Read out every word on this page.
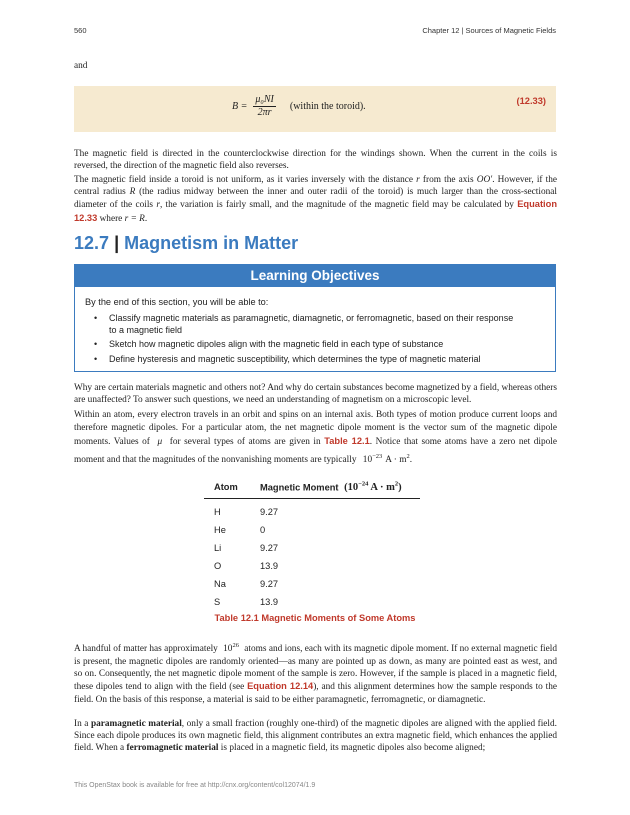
560	Chapter 12 | Sources of Magnetic Fields
and
$B = \frac{\text{μ₀NI}}{2\pi r}$ (within the toroid).	(12.33)
The magnetic field is directed in the counterclockwise direction for the windings shown. When the current in the coils is reversed, the direction of the magnetic field also reverses.
The magnetic field inside a toroid is not uniform, as it varies inversely with the distance r from the axis OO′. However, if the central radius R (the radius midway between the inner and outer radii of the toroid) is much larger than the cross-sectional diameter of the coils r, the variation is fairly small, and the magnitude of the magnetic field may be calculated by Equation 12.33 where r = R.
12.7 | Magnetism in Matter
Learning Objectives
By the end of this section, you will be able to:
• Classify magnetic materials as paramagnetic, diamagnetic, or ferromagnetic, based on their response to a magnetic field
• Sketch how magnetic dipoles align with the magnetic field in each type of substance
• Define hysteresis and magnetic susceptibility, which determines the type of magnetic material
Why are certain materials magnetic and others not? And why do certain substances become magnetized by a field, whereas others are unaffected? To answer such questions, we need an understanding of magnetism on a microscopic level.
Within an atom, every electron travels in an orbit and spins on an internal axis. Both types of motion produce current loops and therefore magnetic dipoles. For a particular atom, the net magnetic dipole moment is the vector sum of the magnetic dipole moments. Values of μ for several types of atoms are given in Table 12.1. Notice that some atoms have a zero net dipole moment and that the magnitudes of the nonvanishing moments are typically $10^{-23}$ $A \cdot m^2$.
Atom	Magnetic Moment ($10^{-24}$ $A \cdot m^2$)
H	9.27
He	0
Li	9.27
O	13.9
Na	9.27
S	13.9
Table 12.1 Magnetic Moments of Some Atoms
A handful of matter has approximately $10^{26}$ atoms and ions, each with its magnetic dipole moment. If no external magnetic field is present, the magnetic dipoles are randomly oriented—as many are pointed up as down, as many are pointed east as west, and so on. Consequently, the net magnetic dipole moment of the sample is zero. However, if the sample is placed in a magnetic field, these dipoles tend to align with the field (see Equation 12.14), and this alignment determines how the sample responds to the field. On the basis of this response, a material is said to be either paramagnetic, ferromagnetic, or diamagnetic.
In a paramagnetic material, only a small fraction (roughly one-third) of the magnetic dipoles are aligned with the applied field. Since each dipole produces its own magnetic field, this alignment contributes an extra magnetic field, which enhances the applied field. When a ferromagnetic material is placed in a magnetic field, its magnetic dipoles also become aligned;
This OpenStax book is available for free at http://cnx.org/content/col12074/1.9
